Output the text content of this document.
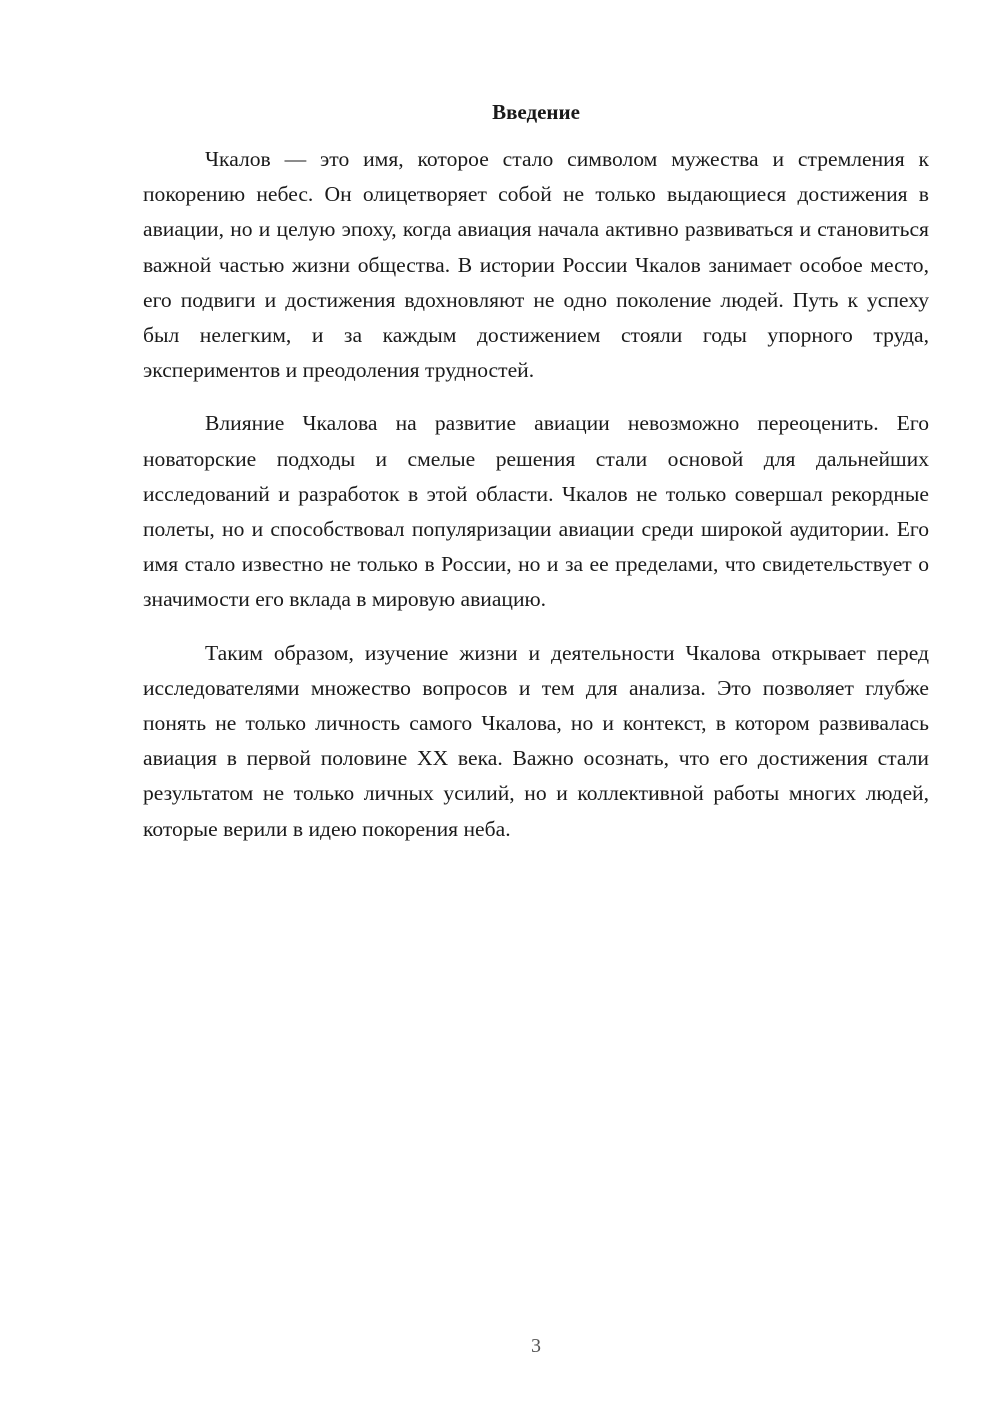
Введение

Чкалов — это имя, которое стало символом мужества и стремления к покорению небес. Он олицетворяет собой не только выдающиеся достижения в авиации, но и целую эпоху, когда авиация начала активно развиваться и становиться важной частью жизни общества. В истории России Чкалов занимает особое место, его подвиги и достижения вдохновляют не одно поколение людей. Путь к успеху был нелегким, и за каждым достижением стояли годы упорного труда, экспериментов и преодоления трудностей.

Влияние Чкалова на развитие авиации невозможно переоценить. Его новаторские подходы и смелые решения стали основой для дальнейших исследований и разработок в этой области. Чкалов не только совершал рекордные полеты, но и способствовал популяризации авиации среди широкой аудитории. Его имя стало известно не только в России, но и за ее пределами, что свидетельствует о значимости его вклада в мировую авиацию.

Таким образом, изучение жизни и деятельности Чкалова открывает перед исследователями множество вопросов и тем для анализа. Это позволяет глубже понять не только личность самого Чкалова, но и контекст, в котором развивалась авиация в первой половине XX века. Важно осознать, что его достижения стали результатом не только личных усилий, но и коллективной работы многих людей, которые верили в идею покорения неба.

3
